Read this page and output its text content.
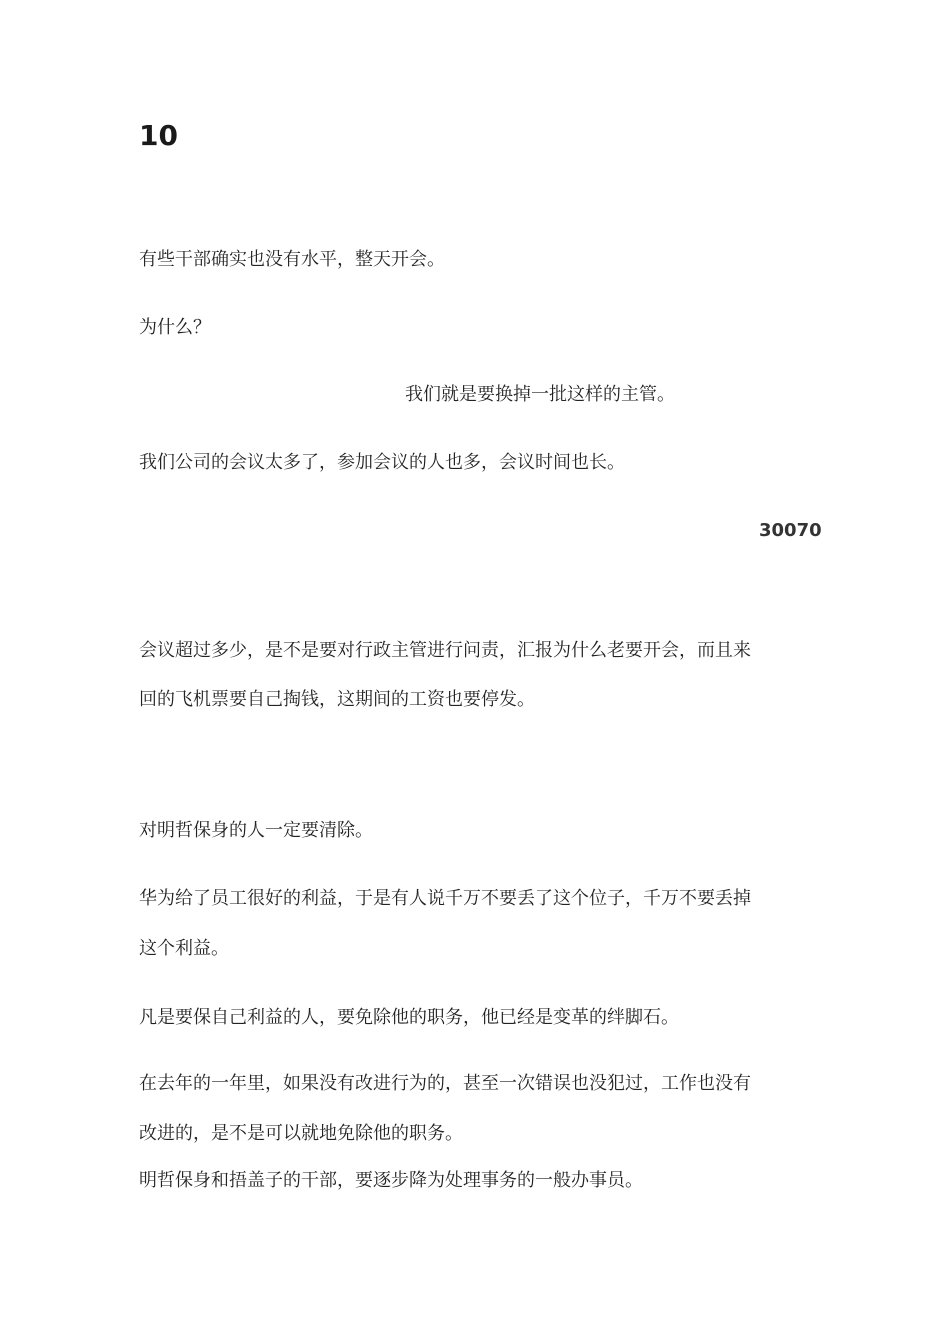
10
有些干部确实也没有水平，整天开会。
为什么？
我们就是要换掉一批这样的主管。
我们公司的会议太多了，参加会议的人也多，会议时间也长。
30070
会议超过多少，是不是要对行政主管进行问责，汇报为什么老要开会，而且来
回的飞机票要自己掏钱，这期间的工资也要停发。
对明哲保身的人一定要清除。
华为给了员工很好的利益，于是有人说千万不要丢了这个位子，千万不要丢掉
这个利益。
凡是要保自己利益的人，要免除他的职务，他已经是变革的绊脚石。
在去年的一年里，如果没有改进行为的，甚至一次错误也没犯过，工作也没有
改进的，是不是可以就地免除他的职务。
明哲保身和捂盖子的干部，要逐步降为处理事务的一般办事员。
